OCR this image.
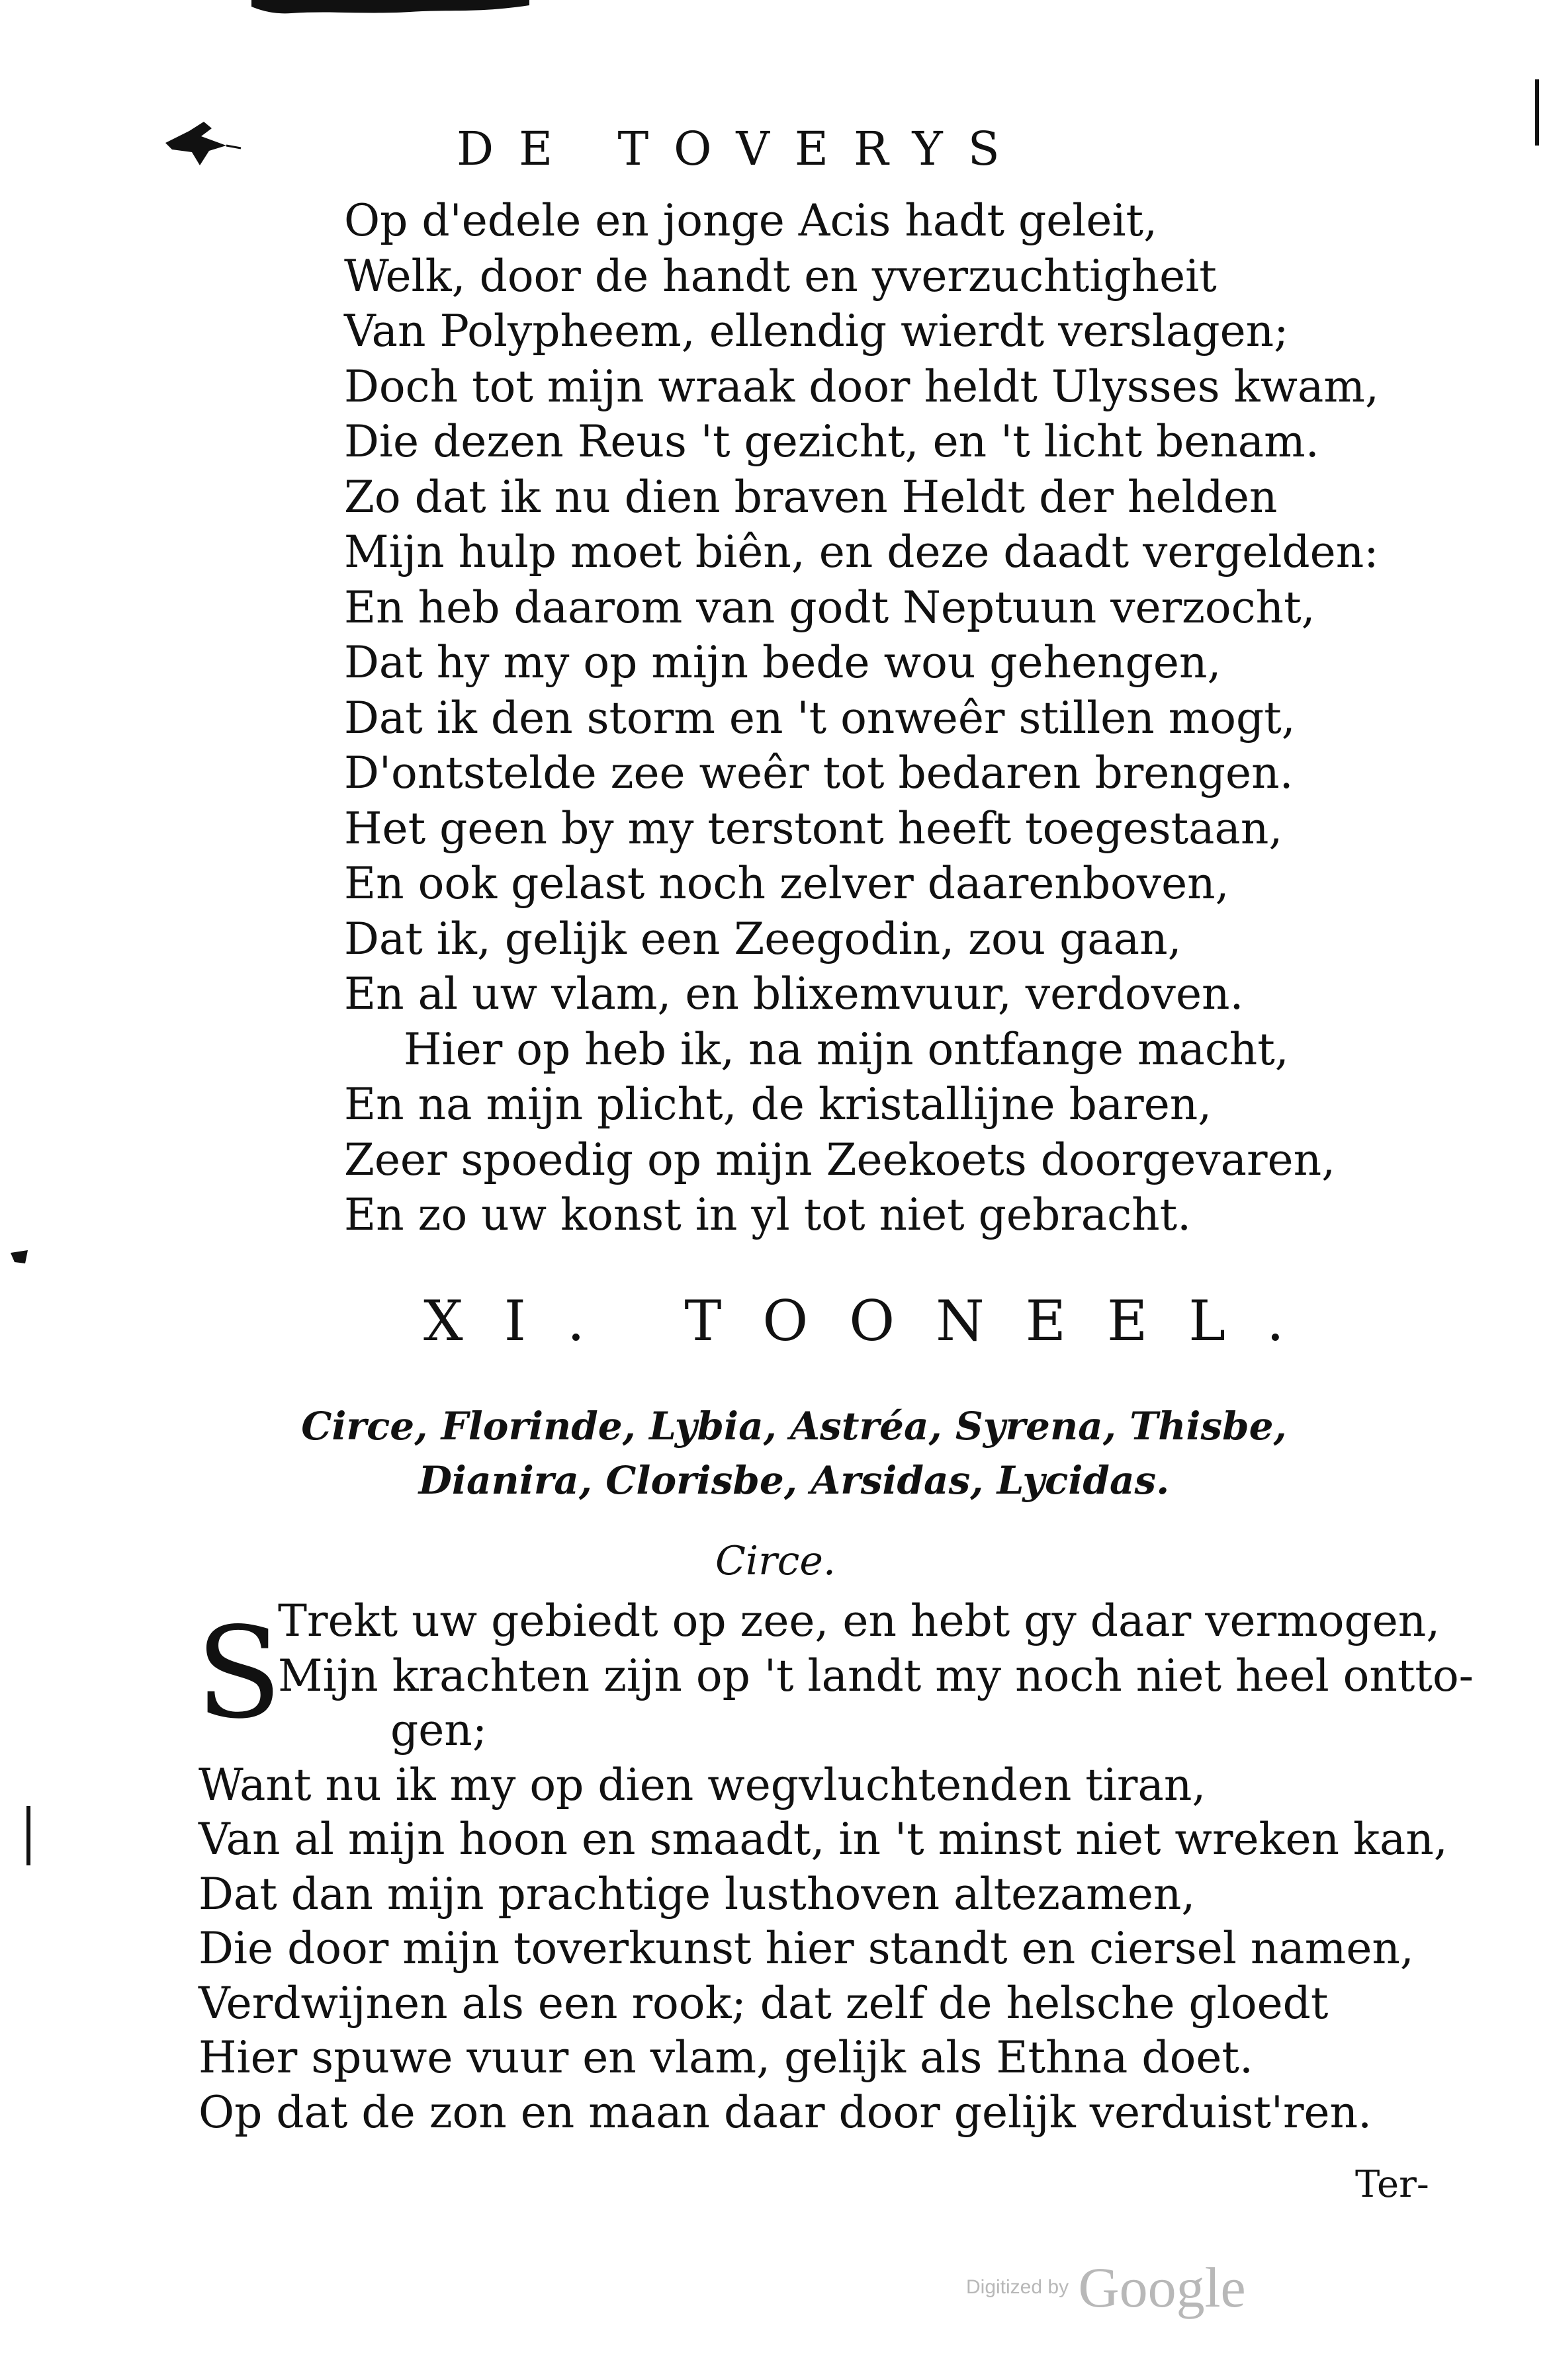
DE TOVERYS
Op d'edele en jonge Acis hadt geleit,
Welk, door de handt en yverzuchtigheit
Van Polypheem, ellendig wierdt verslagen;
Doch tot mijn wraak door heldt Ulysses kwam,
Die dezen Reus 't gezicht, en 't licht benam.
Zo dat ik nu dien braven Heldt der helden
Mijn hulp moet biên, en deze daadt vergelden:
En heb daarom van godt Neptuun verzocht,
Dat hy my op mijn bede wou gehengen,
Dat ik den storm en 't onweêr stillen mogt,
D'ontstelde zee weêr tot bedaren brengen.
Het geen by my terstont heeft toegestaan,
En ook gelast noch zelver daarenboven,
Dat ik, gelijk een Zeegodin, zou gaan,
En al uw vlam, en blixemvuur, verdoven.
Hier op heb ik, na mijn ontfange macht,
En na mijn plicht, de kristallijne baren,
Zeer spoedig op mijn Zeekoets doorgevaren,
En zo uw konst in yl tot niet gebracht.
XI. TOONEEL.
Circe, Florinde, Lybia, Astréa, Syrena, Thisbe,
Dianira, Clorisbe, Arsidas, Lycidas.
Circe.
S
Trekt uw gebiedt op zee, en hebt gy daar vermogen,
Mijn krachten zijn op 't landt my noch niet heel ontto-
gen;
Want nu ik my op dien wegvluchtenden tiran,
Van al mijn hoon en smaadt, in 't minst niet wreken kan,
Dat dan mijn prachtige lusthoven altezamen,
Die door mijn toverkunst hier standt en ciersel namen,
Verdwijnen als een rook; dat zelf de helsche gloedt
Hier spuwe vuur en vlam, gelijk als Ethna doet.
Op dat de zon en maan daar door gelijk verduist'ren.
Ter-
Digitized by Google
